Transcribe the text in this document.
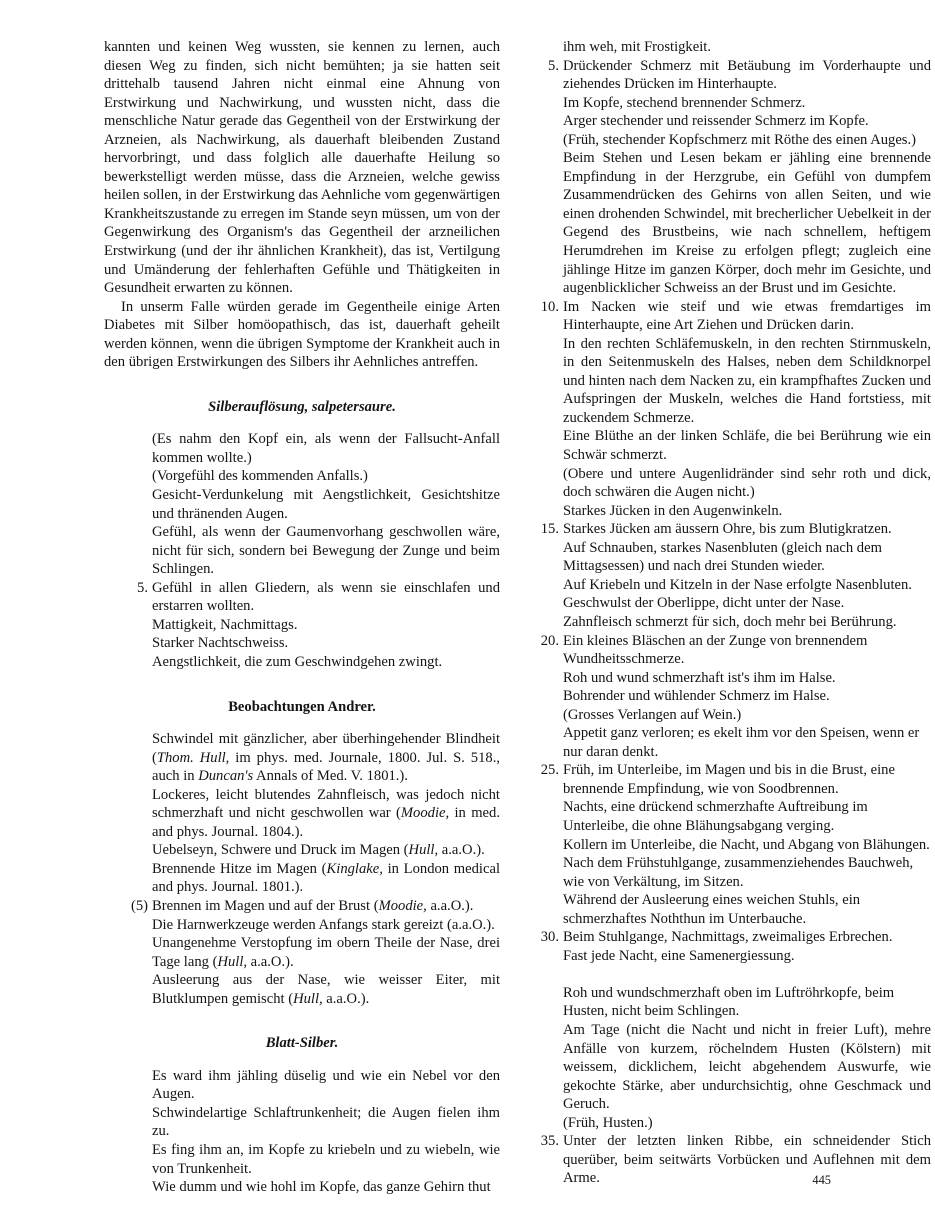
kannten und keinen Weg wussten, sie kennen zu lernen, auch diesen Weg zu finden, sich nicht bemühten; ja sie hatten seit drittehalb tausend Jahren nicht einmal eine Ahnung von Erstwirkung und Nachwirkung, und wussten nicht, dass die menschliche Natur gerade das Gegentheil von der Erstwirkung der Arzneien, als Nachwirkung, als dauerhaft bleibenden Zustand hervorbringt, und dass folglich alle dauerhafte Heilung so bewerkstelligt werden müsse, dass die Arzneien, welche gewiss heilen sollen, in der Erstwirkung das Aehnliche vom gegenwärtigen Krankheitszustande zu erregen im Stande seyn müssen, um von der Gegenwirkung des Organism's das Gegentheil der arzneilichen Erstwirkung (und der ihr ähnlichen Krankheit), das ist, Vertilgung und Umänderung der fehlerhaften Gefühle und Thätigkeiten in Gesundheit erwarten zu können.
In unserm Falle würden gerade im Gegentheile einige Arten Diabetes mit Silber homöopathisch, das ist, dauerhaft geheilt werden können, wenn die übrigen Symptome der Krankheit auch in den übrigen Erstwirkungen des Silbers ihr Aehnliches antreffen.
Silberauflösung, salpetersaure.
(Es nahm den Kopf ein, als wenn der Fallsucht-Anfall kommen wollte.)
(Vorgefühl des kommenden Anfalls.)
Gesicht-Verdunkelung mit Aengstlichkeit, Gesichtshitze und thränenden Augen.
Gefühl, als wenn der Gaumenvorhang geschwollen wäre, nicht für sich, sondern bei Bewegung der Zunge und beim Schlingen.
5. Gefühl in allen Gliedern, als wenn sie einschlafen und erstarren wollten.
Mattigkeit, Nachmittags.
Starker Nachtschweiss.
Aengstlichkeit, die zum Geschwindgehen zwingt.
Beobachtungen Andrer.
Schwindel mit gänzlicher, aber überhingehender Blindheit (Thom. Hull, im phys. med. Journale, 1800. Jul. S. 518., auch in Duncan's Annals of Med. V. 1801.).
Lockeres, leicht blutendes Zahnfleisch, was jedoch nicht schmerzhaft und nicht geschwollen war (Moodie, in med. and phys. Journal. 1804.).
Uebelseyn, Schwere und Druck im Magen (Hull, a.a.O.).
Brennende Hitze im Magen (Kinglake, in London medical and phys. Journal. 1801.).
(5) Brennen im Magen und auf der Brust (Moodie, a.a.O.).
Die Harnwerkzeuge werden Anfangs stark gereizt (a.a.O.).
Unangenehme Verstopfung im obern Theile der Nase, drei Tage lang (Hull, a.a.O.).
Ausleerung aus der Nase, wie weisser Eiter, mit Blutklumpen gemischt (Hull, a.a.O.).
Blatt-Silber.
Es ward ihm jähling düselig und wie ein Nebel vor den Augen.
Schwindelartige Schlaftrunkenheit; die Augen fielen ihm zu.
Es fing ihm an, im Kopfe zu kriebeln und zu wiebeln, wie von Trunkenheit.
Wie dumm und wie hohl im Kopfe, das ganze Gehirn thut
ihm weh, mit Frostigkeit.
5. Drückender Schmerz mit Betäubung im Vorderhaupte und ziehendes Drücken im Hinterhaupte.
Im Kopfe, stechend brennender Schmerz.
Arger stechender und reissender Schmerz im Kopfe.
(Früh, stechender Kopfschmerz mit Röthe des einen Auges.)
Beim Stehen und Lesen bekam er jähling eine brennende Empfindung in der Herzgrube, ein Gefühl von dumpfem Zusammendrücken des Gehirns von allen Seiten, und wie einen drohenden Schwindel, mit brecherlicher Uebelkeit in der Gegend des Brustbeins, wie nach schnellem, heftigem Herumdrehen im Kreise zu erfolgen pflegt; zugleich eine jählinge Hitze im ganzen Körper, doch mehr im Gesichte, und augenblicklicher Schweiss an der Brust und im Gesichte.
10. Im Nacken wie steif und wie etwas fremdartiges im Hinterhaupte, eine Art Ziehen und Drücken darin.
In den rechten Schläfemuskeln, in den rechten Stirnmuskeln, in den Seitenmuskeln des Halses, neben dem Schildknorpel und hinten nach dem Nacken zu, ein krampfhaftes Zucken und Aufspringen der Muskeln, welches die Hand fortstiess, mit zuckendem Schmerze.
Eine Blüthe an der linken Schläfe, die bei Berührung wie ein Schwär schmerzt.
(Obere und untere Augenlidränder sind sehr roth und dick, doch schwären die Augen nicht.)
Starkes Jücken in den Augenwinkeln.
15. Starkes Jücken am äussern Ohre, bis zum Blutigkratzen.
Auf Schnauben, starkes Nasenbluten (gleich nach dem Mittagsessen) und nach drei Stunden wieder.
Auf Kriebeln und Kitzeln in der Nase erfolgte Nasenbluten.
Geschwulst der Oberlippe, dicht unter der Nase.
Zahnfleisch schmerzt für sich, doch mehr bei Berührung.
20. Ein kleines Bläschen an der Zunge von brennendem Wundheitsschmerze.
Roh und wund schmerzhaft ist's ihm im Halse.
Bohrender und wühlender Schmerz im Halse.
(Grosses Verlangen auf Wein.)
Appetit ganz verloren; es ekelt ihm vor den Speisen, wenn er nur daran denkt.
25. Früh, im Unterleibe, im Magen und bis in die Brust, eine brennende Empfindung, wie von Soodbrennen.
Nachts, eine drückend schmerzhafte Auftreibung im Unterleibe, die ohne Blähungsabgang verging.
Kollern im Unterleibe, die Nacht, und Abgang von Blähungen.
Nach dem Frühstuhlgange, zusammenziehendes Bauchweh, wie von Verkältung, im Sitzen.
Während der Ausleerung eines weichen Stuhls, ein schmerzhaftes Noththun im Unterbauche.
30. Beim Stuhlgange, Nachmittags, zweimaliges Erbrechen.
Fast jede Nacht, eine Samenergiessung.
Roh und wundschmerzhaft oben im Luftröhrkopfe, beim Husten, nicht beim Schlingen.
Am Tage (nicht die Nacht und nicht in freier Luft), mehre Anfälle von kurzem, röchelndem Husten (Kölstern) mit weissem, dicklichem, leicht abgehendem Auswurfe, wie gekochte Stärke, aber undurchsichtig, ohne Geschmack und Geruch.
(Früh, Husten.)
35. Unter der letzten linken Ribbe, ein schneidender Stich querüber, beim seitwärts Vorbücken und Auflehnen mit dem Arme.	445
